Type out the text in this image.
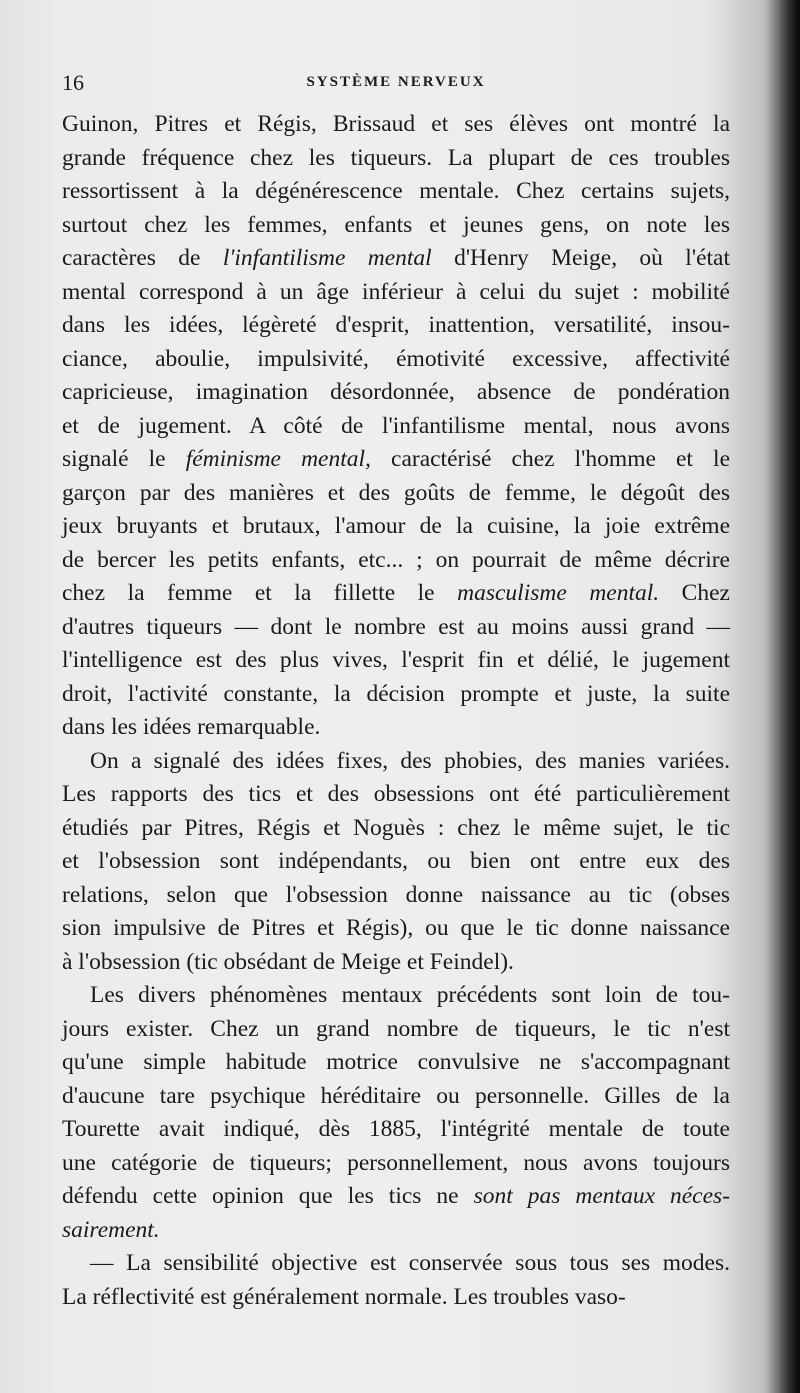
16	SYSTÈME NERVEUX
Guinon, Pitres et Régis, Brissaud et ses élèves ont montré la
grande fréquence chez les tiqueurs. La plupart de ces troubles
ressortissent à la dégénérescence mentale. Chez certains sujets,
surtout chez les femmes, enfants et jeunes gens, on note les
caractères de l'infantilisme mental d'Henry Meige, où l'état
mental correspond à un âge inférieur à celui du sujet : mobilité
dans les idées, légèreté d'esprit, inattention, versatilité, insou-
ciance, aboulie, impulsivité, émotivité excessive, affectivité
capricieuse, imagination désordonnée, absence de pondération
et de jugement. A côté de l'infantilisme mental, nous avons
signalé le féminisme mental, caractérisé chez l'homme et le
garçon par des manières et des goûts de femme, le dégoût des
jeux bruyants et brutaux, l'amour de la cuisine, la joie extrême
de bercer les petits enfants, etc... ; on pourrait de même décrire
chez la femme et la fillette le masculisme mental. Chez
d'autres tiqueurs — dont le nombre est au moins aussi grand —
l'intelligence est des plus vives, l'esprit fin et délié, le jugement
droit, l'activité constante, la décision prompte et juste, la suite
dans les idées remarquable.
On a signalé des idées fixes, des phobies, des manies variées.
Les rapports des tics et des obsessions ont été particulièrement
étudiés par Pitres, Régis et Noguès : chez le même sujet, le tic
et l'obsession sont indépendants, ou bien ont entre eux des
relations, selon que l'obsession donne naissance au tic (obses
sion impulsive de Pitres et Régis), ou que le tic donne naissance
à l'obsession (tic obsédant de Meige et Feindel).
Les divers phénomènes mentaux précédents sont loin de tou-
jours exister. Chez un grand nombre de tiqueurs, le tic n'est
qu'une simple habitude motrice convulsive ne s'accompagnant
d'aucune tare psychique héréditaire ou personnelle. Gilles de la
Tourette avait indiqué, dès 1885, l'intégrité mentale de toute
une catégorie de tiqueurs; personnellement, nous avons toujours
défendu cette opinion que les tics ne sont pas mentaux néces-
sairement.
— La sensibilité objective est conservée sous tous ses modes.
La réflectivité est généralement normale. Les troubles vaso-
